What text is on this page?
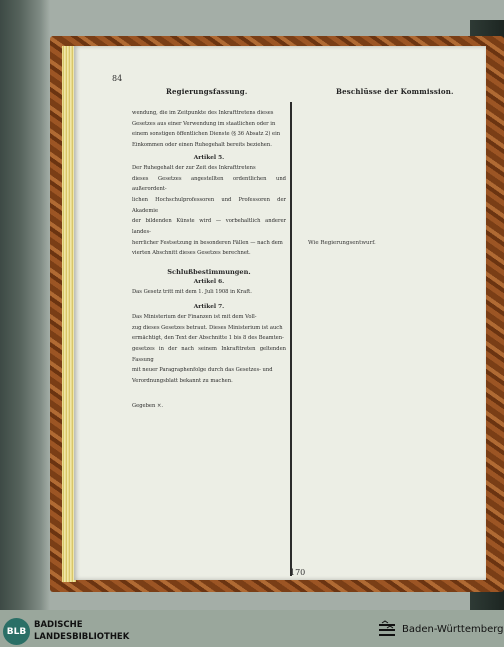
84
Regierungsfassung.	Beschlüsse der Kommission.

wendung, die im Zeitpunkte des Inkrafttretens dieses

Gesetzes aus einer Verwendung im staatlichen oder in

einem sonstigen öffentlichen Dienste (§ 36 Absatz 2) ein

Einkommen oder einen Ruhegehalt bereits beziehen.

Artikel 5.

Der Ruhegehalt der zur Zeit des Inkrafttretens

dieses Gesetzes angestellten ordentlichen und außerordent-

lichen Hochschulprofessoren und Professoren der Akademie

der bildenden Künste wird — vorbehaltlich anderer landes-

herrlicher Festsetzung in besonderen Fällen — nach dem

vierten Abschnitt dieses Gesetzes berechnet.

Schlußbestimmungen.
Artikel 6.

Das Gesetz tritt mit dem 1. Juli 1908 in Kraft.

Artikel 7.

Das Ministerium der Finanzen ist mit dem Voll-

zug dieses Gesetzes betraut. Dieses Ministerium ist auch

ermächtigt, den Text der Abschnitte 1 bis 8 des Beamten-

gesetzes in der nach seinem Inkrafttreten geltenden Fassung

mit neuer Paragraphenfolge durch das Gesetzes- und

Verordnungsblatt bekannt zu machen.

Gegeben ×.

Wie Regierungsentwurf.
170
BLB
BADISCHE
LANDESBIBLIOTHEK
Baden-Württemberg
